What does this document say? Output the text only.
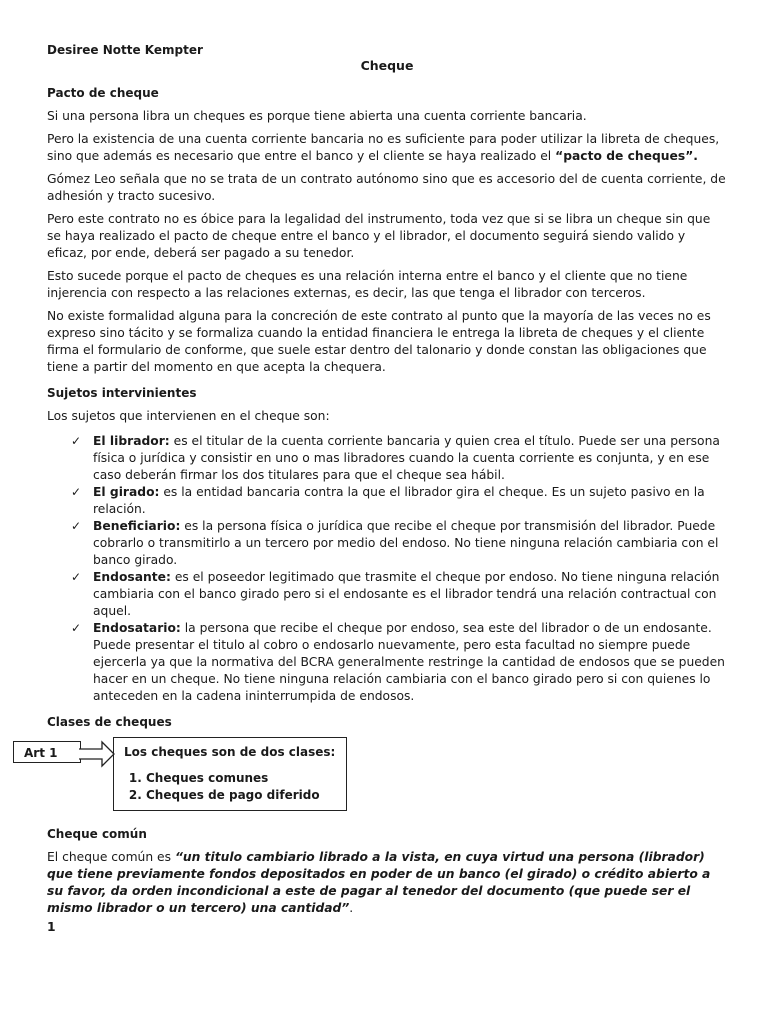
Desiree Notte Kempter
Cheque
Pacto de cheque

Si una persona libra un cheques es porque tiene abierta una cuenta corriente bancaria.

Pero la existencia de una cuenta corriente bancaria no es suficiente para poder utilizar la libreta de cheques, sino que además es necesario que entre el banco y el cliente se haya realizado el “pacto de cheques”.

Gómez Leo señala que no se trata de un contrato autónomo sino que es accesorio del de cuenta corriente, de adhesión y tracto sucesivo.

Pero este contrato no es óbice para la legalidad del instrumento, toda vez que si se libra un cheque sin que se haya realizado el pacto de cheque entre el banco y el librador, el documento seguirá siendo valido y eficaz, por ende, deberá ser pagado a su tenedor.

Esto sucede porque el pacto de cheques es una relación interna entre el banco y el cliente que no tiene injerencia con respecto a las relaciones externas, es decir, las que tenga el librador con terceros.

No existe formalidad alguna para la concreción de este contrato al punto que la mayoría de las veces no es expreso sino tácito y se formaliza cuando la entidad financiera le entrega la libreta de cheques y el cliente firma el formulario de conforme, que suele estar dentro del talonario y donde constan las obligaciones que tiene a partir del momento en que acepta la chequera.

Sujetos intervinientes

Los sujetos que intervienen en el cheque son:

✓ El librador: es el titular de la cuenta corriente bancaria y quien crea el título. Puede ser una persona física o jurídica y consistir en uno o mas libradores cuando la cuenta corriente es conjunta, y en ese caso deberán firmar los dos titulares para que el cheque sea hábil.
✓ El girado: es la entidad bancaria contra la que el librador gira el cheque. Es un sujeto pasivo en la relación.
✓ Beneficiario: es la persona física o jurídica que recibe el cheque por transmisión del librador. Puede cobrarlo o transmitirlo a un tercero por medio del endoso. No tiene ninguna relación cambiaria con el banco girado.
✓ Endosante: es el poseedor legitimado que trasmite el cheque por endoso. No tiene ninguna relación cambiaria con el banco girado pero si el endosante es el librador tendrá una relación contractual con aquel.
✓ Endosatario: la persona que recibe el cheque por endoso, sea este del librador o de un endosante. Puede presentar el titulo al cobro o endosarlo nuevamente, pero esta facultad no siempre puede ejercerla ya que la normativa del BCRA generalmente restringe la cantidad de endosos que se pueden hacer en un cheque. No tiene ninguna relación cambiaria con el banco girado pero si con quienes lo anteceden en la cadena ininterrumpida de endosos.
Clases de cheques
Art 1	Los cheques son de dos clases:
1. Cheques comunes
2. Cheques de pago diferido
Cheque común

El cheque común es “un titulo cambiario librado a la vista, en cuya virtud una persona (librador) que tiene previamente fondos depositados en poder de un banco (el girado) o crédito abierto a su favor, da orden incondicional a este de pagar al tenedor del documento (que puede ser el mismo librador o un tercero) una cantidad”.

1
